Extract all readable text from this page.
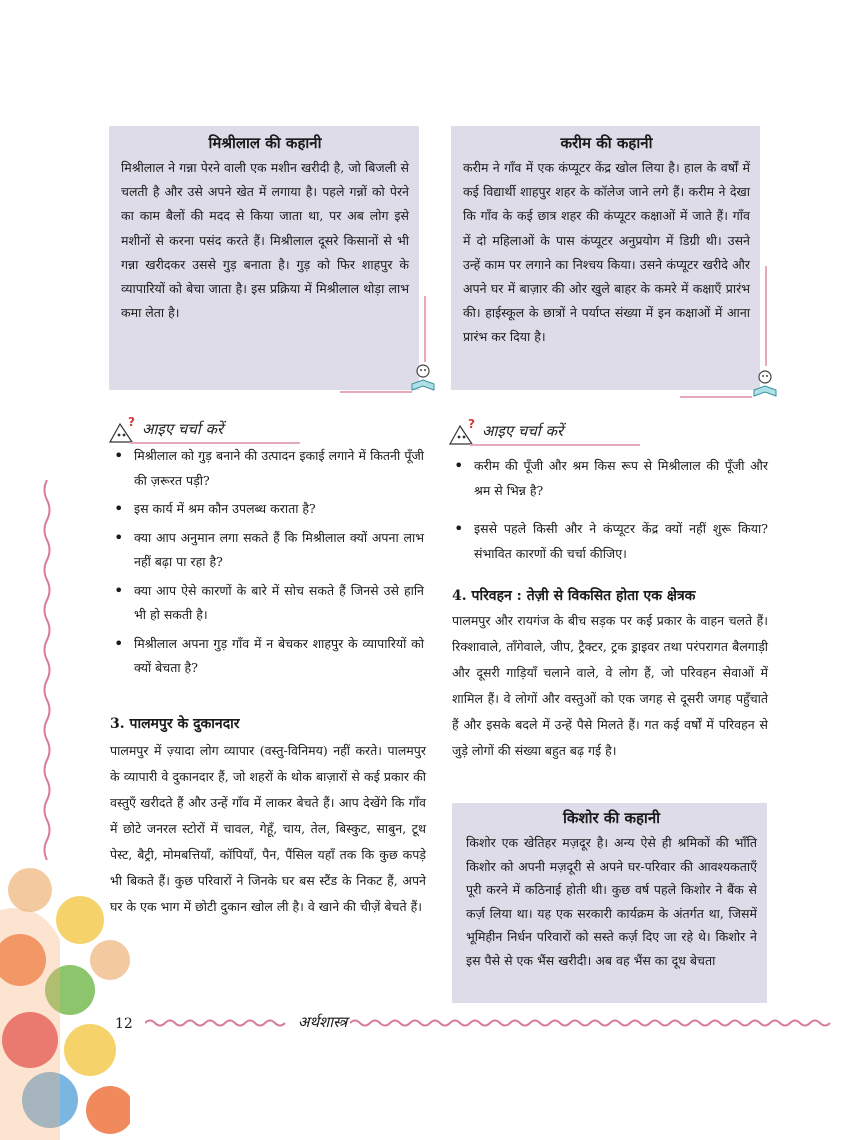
मिश्रीलाल की कहानी
मिश्रीलाल ने गन्ना पेरने वाली एक मशीन खरीदी है, जो बिजली से चलती है और उसे अपने खेत में लगाया है। पहले गन्नों को पेरने का काम बैलों की मदद से किया जाता था, पर अब लोग इसे मशीनों से करना पसंद करते हैं। मिश्रीलाल दूसरे किसानों से भी गन्ना खरीदकर उससे गुड़ बनाता है। गुड़ को फिर शाहपुर के व्यापारियों को बेचा जाता है। इस प्रक्रिया में मिश्रीलाल थोड़ा लाभ कमा लेता है।
करीम की कहानी
करीम ने गाँव में एक कंप्यूटर केंद्र खोल लिया है। हाल के वर्षों में कई विद्यार्थी शाहपुर शहर के कॉलेज जाने लगे हैं। करीम ने देखा कि गाँव के कई छात्र शहर की कंप्यूटर कक्षाओं में जाते हैं। गाँव में दो महिलाओं के पास कंप्यूटर अनुप्रयोग में डिग्री थी। उसने उन्हें काम पर लगाने का निश्चय किया। उसने कंप्यूटर खरीदे और अपने घर में बाज़ार की ओर खुले बाहर के कमरे में कक्षाएँ प्रारंभ की। हाईस्कूल के छात्रों ने पर्याप्त संख्या में इन कक्षाओं में आना प्रारंभ कर दिया है।
? आइए चर्चा करें
• मिश्रीलाल को गुड़ बनाने की उत्पादन इकाई लगाने में कितनी पूँजी की ज़रूरत पड़ी?
• इस कार्य में श्रम कौन उपलब्ध कराता है?
• क्या आप अनुमान लगा सकते हैं कि मिश्रीलाल क्यों अपना लाभ नहीं बढ़ा पा रहा है?
• क्या आप ऐसे कारणों के बारे में सोच सकते हैं जिनसे उसे हानि भी हो सकती है।
• मिश्रीलाल अपना गुड़ गाँव में न बेचकर शाहपुर के व्यापारियों को क्यों बेचता है?
3. पालमपुर के दुकानदार
पालमपुर में ज़्यादा लोग व्यापार (वस्तु-विनिमय) नहीं करते। पालमपुर के व्यापारी वे दुकानदार हैं, जो शहरों के थोक बाज़ारों से कई प्रकार की वस्तुएँ खरीदते हैं और उन्हें गाँव में लाकर बेचते हैं। आप देखेंगे कि गाँव में छोटे जनरल स्टोरों में चावल, गेहूँ, चाय, तेल, बिस्कुट, साबुन, टूथ पेस्ट, बैट्री, मोमबत्तियाँ, कॉपियाँ, पैन, पैंसिल यहाँ तक कि कुछ कपड़े भी बिकते हैं। कुछ परिवारों ने जिनके घर बस स्टैंड के निकट हैं, अपने घर के एक भाग में छोटी दुकान खोल ली है। वे खाने की चीज़ें बेचते हैं।
? आइए चर्चा करें
• करीम की पूँजी और श्रम किस रूप से मिश्रीलाल की पूँजी और श्रम से भिन्न है?
• इससे पहले किसी और ने कंप्यूटर केंद्र क्यों नहीं शुरू किया? संभावित कारणों की चर्चा कीजिए।
4. परिवहन : तेज़ी से विकसित होता एक क्षेत्रक
पालमपुर और रायगंज के बीच सड़क पर कई प्रकार के वाहन चलते हैं। रिक्शावाले, ताँगेवाले, जीप, ट्रैक्टर, ट्रक ड्राइवर तथा परंपरागत बैलगाड़ी और दूसरी गाड़ियाँ चलाने वाले, वे लोग हैं, जो परिवहन सेवाओं में शामिल हैं। वे लोगों और वस्तुओं को एक जगह से दूसरी जगह पहुँचाते हैं और इसके बदले में उन्हें पैसे मिलते हैं। गत कई वर्षों में परिवहन से जुड़े लोगों की संख्या बहुत बढ़ गई है।
किशोर की कहानी
किशोर एक खेतिहर मज़दूर है। अन्य ऐसे ही श्रमिकों की भाँति किशोर को अपनी मज़दूरी से अपने घर-परिवार की आवश्यकताएँ पूरी करने में कठिनाई होती थी। कुछ वर्ष पहले किशोर ने बैंक से कर्ज़ लिया था। यह एक सरकारी कार्यक्रम के अंतर्गत था, जिसमें भूमिहीन निर्धन परिवारों को सस्ते कर्ज़ दिए जा रहे थे। किशोर ने इस पैसे से एक भैंस खरीदी। अब वह भैंस का दूध बेचता
12	अर्थशास्त्र
